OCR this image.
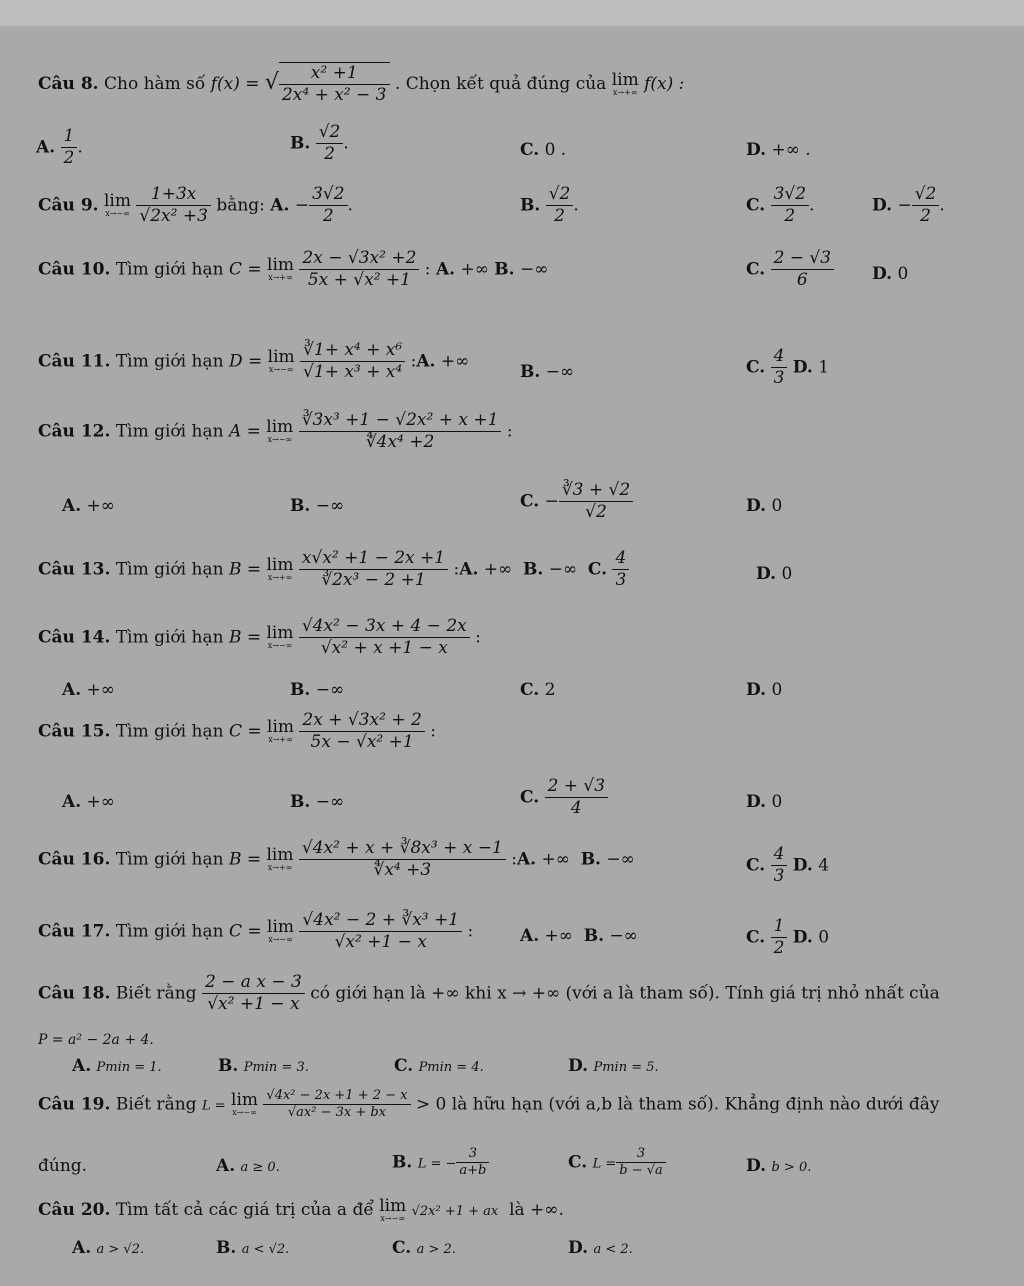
Câu 8. Cho hàm số f(x) = √ $\frac{\text{x² +1}}{\text{2x⁴ + x² − 3}}$ . Chọn kết quả đúng của lim
x→+∞ f(x) :
A. $\frac{1}{2}$ .	B. $\frac{√2}{2}$ .	C. 0 .	D. +∞ .
Câu 9. lim
x→−∞
$\frac{1+3x}{\text{√2x² +3}}$ bằng: A. − $\frac{3√2}{2}$ .	B. $\frac{√2}{2}$ .	C. $\frac{3√2}{2}$ .	D. − $\frac{√2}{2}$ .
Câu 10. Tìm giới hạn C = lim
x→+∞
$\frac{\text{2x − √3x² +2}}{\text{5x + √x² +1}}$ : A. +∞ B. −∞	C. $\frac{2 - √3}{6} D$. 0
Câu 11. Tìm giới hạn D = lim
x→−∞
$\frac{\text{∛1+ x⁴ + x⁶}}{\text{√1+ x³ + x⁴}}$ :A. +∞
B. −∞	C. $\frac{4}{3} D$. 1
Câu 12. Tìm giới hạn A = lim
x→−∞
$\frac{\text{∛3x³ +1 − √2x² + x +1}}{\text{∜4x⁴ +2}}$ :
A. +∞	B. −∞	C. − $\frac{∛3 + √2}{√2}$	D. 0
Câu 13. Tìm giới hạn B = lim
x→+∞
$\frac{\text{x√x² +1 − 2x +1}}{\text{∛2x³ − 2 +1}}$ :A. +∞ B. −∞ C. $\frac{4}{3}$	D. 0
Câu 14. Tìm giới hạn B = lim
x→−∞
$\frac{\text{√4x² − 3x + 4 − 2x}}{\text{√x² + x +1 − x}}$ :
A. +∞	B. −∞	C. 2	D. 0
Câu 15. Tìm giới hạn C = lim
x→+∞
$\frac{\text{2x + √3x² + 2}}{\text{5x − √x² +1}}$ :
A. +∞	B. −∞	C. $\frac{2 + √3}{4}$	D. 0
Câu 16. Tìm giới hạn B = lim
x→+∞
$\frac{\text{√4x² + x + ∛8x³ + x −1}}{\text{∜x⁴ +3}}$ :A. +∞ B. −∞	C. $\frac{4}{3} D$. 4
Câu 17. Tìm giới hạn C = lim
x→−∞
$\frac{\text{√4x² − 2 + ∛x³ +1}}{\text{√x² +1 − x}}$ :	A. +∞ B. −∞	C. $\frac{1}{2} D$. 0
Câu 18. Biết rằng $\frac{\text{2 − a x − 3}}{\text{√x² +1 − x}}$ có giới hạn là +∞ khi x → +∞ (với a là tham số). Tính giá trị nhỏ nhất của
P = a² − 2a + 4.
A. Pmin = 1.	B. Pmin = 3.	C. Pmin = 4.	D. Pmin = 5.
Câu 19. Biết rằng L = lim
x→−∞
$\frac{\text{√4x² − 2x +1 + 2 − x}}{\text{√ax² − 3x + bx}} > 0$ là hữu hạn (với a,b là tham số). Khẳng định nào dưới đây
đúng.	A. a ≥ 0.	B. L = − $\frac{3}{a+b}$	C. $L = \frac{3}{b - √a}$	D. b > 0.
Câu 20. Tìm tất cả các giá trị của a để lim
x→−∞ √2x² +1 + ax là +∞.
A. a > √2.	B. a < √2.	C. a > 2.	D. a < 2.
